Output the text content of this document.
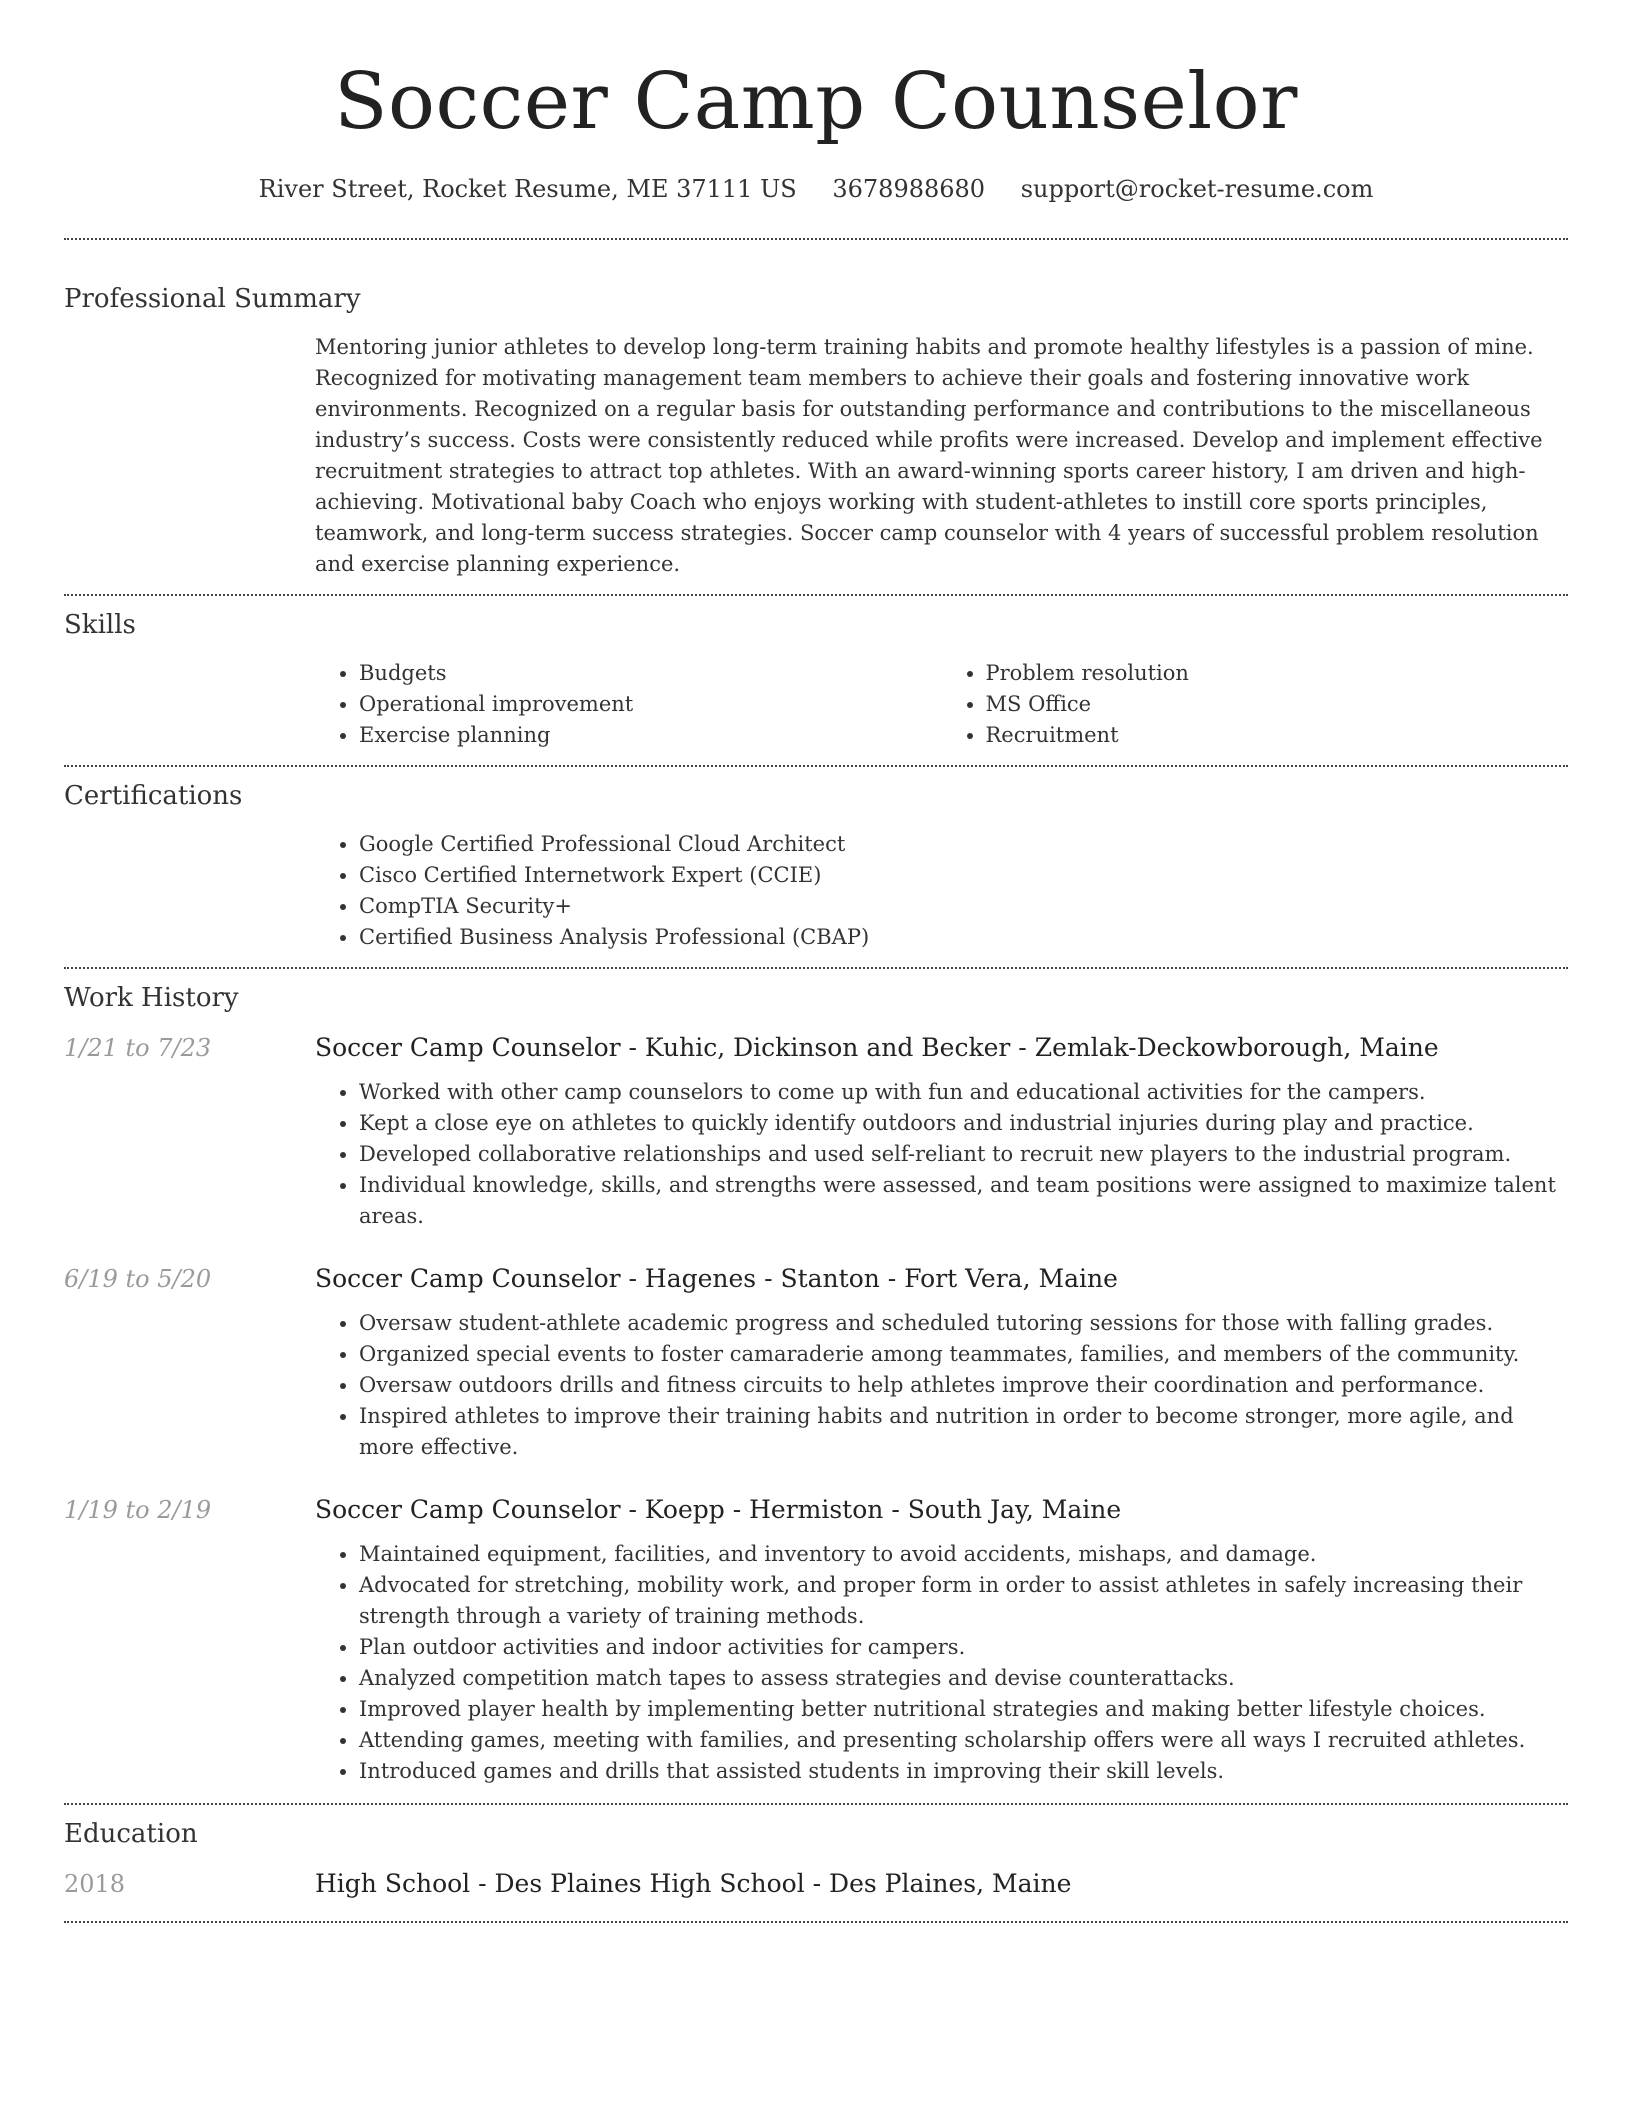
Soccer Camp Counselor
River Street, Rocket Resume, ME 37111 US 3678988680 support@rocket-resume.com
Professional Summary
Mentoring junior athletes to develop long-term training habits and promote healthy lifestyles is a passion of mine. Recognized for motivating management team members to achieve their goals and fostering innovative work environments. Recognized on a regular basis for outstanding performance and contributions to the miscellaneous industry’s success. Costs were consistently reduced while profits were increased. Develop and implement effective recruitment strategies to attract top athletes. With an award-winning sports career history, I am driven and high-achieving. Motivational baby Coach who enjoys working with student-athletes to instill core sports principles, teamwork, and long-term success strategies. Soccer camp counselor with 4 years of successful problem resolution and exercise planning experience.
Skills
• Budgets
• Operational improvement
• Exercise planning
• Problem resolution
• MS Office
• Recruitment
Certifications
• Google Certified Professional Cloud Architect
• Cisco Certified Internetwork Expert (CCIE)
• CompTIA Security+
• Certified Business Analysis Professional (CBAP)
Work History
1/21 to 7/23	Soccer Camp Counselor - Kuhic, Dickinson and Becker - Zemlak-Deckowborough, Maine
• Worked with other camp counselors to come up with fun and educational activities for the campers.
• Kept a close eye on athletes to quickly identify outdoors and industrial injuries during play and practice.
• Developed collaborative relationships and used self-reliant to recruit new players to the industrial program.
• Individual knowledge, skills, and strengths were assessed, and team positions were assigned to maximize talent areas.
6/19 to 5/20	Soccer Camp Counselor - Hagenes - Stanton - Fort Vera, Maine
• Oversaw student-athlete academic progress and scheduled tutoring sessions for those with falling grades.
• Organized special events to foster camaraderie among teammates, families, and members of the community.
• Oversaw outdoors drills and fitness circuits to help athletes improve their coordination and performance.
• Inspired athletes to improve their training habits and nutrition in order to become stronger, more agile, and more effective.
1/19 to 2/19	Soccer Camp Counselor - Koepp - Hermiston - South Jay, Maine
• Maintained equipment, facilities, and inventory to avoid accidents, mishaps, and damage.
• Advocated for stretching, mobility work, and proper form in order to assist athletes in safely increasing their strength through a variety of training methods.
• Plan outdoor activities and indoor activities for campers.
• Analyzed competition match tapes to assess strategies and devise counterattacks.
• Improved player health by implementing better nutritional strategies and making better lifestyle choices.
• Attending games, meeting with families, and presenting scholarship offers were all ways I recruited athletes.
• Introduced games and drills that assisted students in improving their skill levels.
Education
2018	High School - Des Plaines High School - Des Plaines, Maine
